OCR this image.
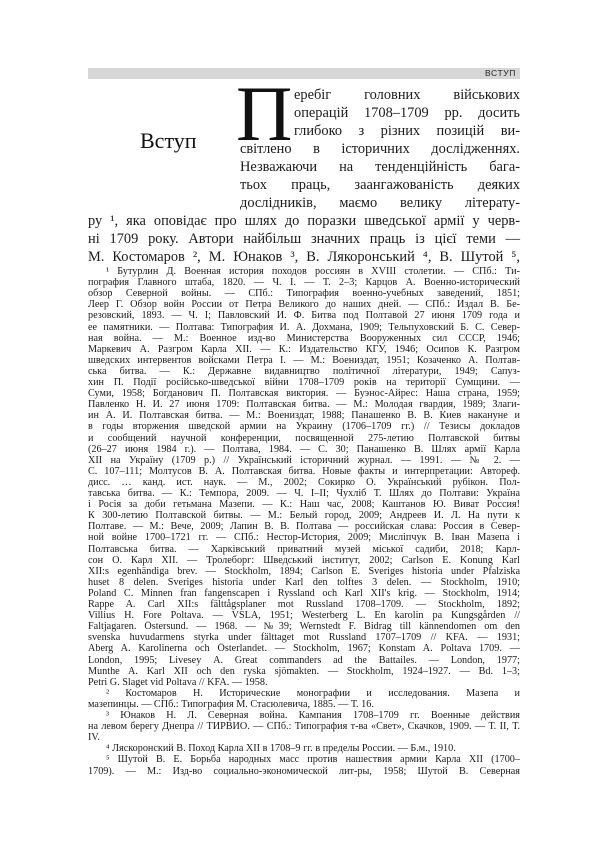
ВСТУП
Вступ П еребіг головних військових
операцій 1708–1709 рр. досить
глибоко з різних позицій ви-
світлено в історичних дослідженнях.
Незважаючи на тенденційність бага-
тьох праць, заангажованість деяких
дослідників, маємо велику літерату-
ру ¹, яка оповідає про шлях до поразки шведської армії у черв-
ні 1709 року. Автори найбільш значних праць із цієї теми —
М. Костомаров ², М. Юнаков ³, В. Лякоронський ⁴, В. Шутой ⁵,
¹ Бутурлин Д. Военная история походов россиян в XVIII столетии. — СПб.: Ти-
пография Главного штаба, 1820. — Ч. I. — Т. 2–3; Карцов А. Военно-исторический
обзор Северной войны. — СПб.: Типография военно-учебных заведений, 1851;
Леер Г. Обзор войн России от Петра Великого до наших дней. — СПб.: Издал В. Бе-
резовский, 1893. — Ч. I; Павловский И. Ф. Битва под Полтавой 27 июня 1709 года и
ее памятники. — Полтава: Типография И. А. Дохмана, 1909; Тельпуховский Б. С. Север-
ная война. — М.: Военное изд-во Министерства Вооруженных сил СССР, 1946;
Маркевич А. Разгром Карла XII. — К.: Издательство КГУ, 1946; Осипов К. Разгром
шведских интервентов войсками Петра I. — М.: Воениздат, 1951; Козаченко А. Полтав-
ська битва. — К.: Державне видавництво політичної літератури, 1949; Сапуз-
хин П. Події російсько-шведської війни 1708–1709 років на території Сумщини. —
Суми, 1958; Богданович П. Полтавская виктория. — Буэнос-Айрес: Наша страна, 1959;
Павленко Н. И. 27 июня 1709: Полтавская битва. — М.: Молодая гвардия, 1989; Злаги-
ин А. И. Полтавская битва. — М.: Воениздат, 1988; Панашенко В. В. Киев накануне и
в годы вторжения шведской армии на Украину (1706–1709 гг.) // Тезисы докладов
и сообщений научной конференции, посвященной 275-летию Полтавской битвы
(26–27 июня 1984 г.). — Полтава, 1984. — С. 30; Панашенко В. Шлях армії Карла
XII на Україну (1709 р.) // Український історичний журнал. — 1991. — № 2. —
С. 107–111; Молтусов В. А. Полтавская битва. Новые факты и интерпретации: Автореф.
дисс. … канд. ист. наук. — М., 2002; Сокирко О. Український рубікон. Пол-
тавська битва. — К.: Темпора, 2009. — Ч. I–II; Чухліб Т. Шлях до Полтави: Україна
і Росія за доби гетьмана Мазепи. — К.: Наш час, 2008; Каштанов Ю. Виват Россия!
К 300-летию Полтавской битвы. — М.: Белый город, 2009; Андреев И. Л. На пути к
Полтаве. — М.: Вече, 2009; Лапин В. В. Полтава — российская слава: Россия в Север-
ной войне 1700–1721 гг. — СПб.: Нестор-История, 2009; Мисліпчук В. Іван Мазепа і
Полтавська битва. — Харківський приватний музей міської садиби, 2018; Карл-
сон О. Карл XII. — Тролеборг: Шведський інститут, 2002; Carlson E. Konung Karl
XII:s egenhändiga brev. — Stockholm, 1894; Carlson E. Sveriges historia under Pfalziska
huset 8 delen. Sveriges historia under Karl den tolftes 3 delen. — Stockholm, 1910;
Poland C. Minnen fran fangenscapen i Ryssland och Karl XII's krig. — Stockholm, 1914;
Rappe A. Carl XII:s fälttågsplaner mot Russland 1708–1709. — Stockholm, 1892;
Villius H. Fore Poltava. — VSLA, 1951; Westerberg L. En karolin pa Kungsgården //
Faltjagaren. Östersund. — 1968. — №39; Wernstedt F. Bidrag till kännendomen om den
svenska huvudarmens styrka under fälttaget mot Russland 1707–1709 // KFA. — 1931;
Aberg A. Karolinerna och Österlandet. — Stockholm, 1967; Konstam A. Poltava 1709. —
London, 1995; Liveseу A. Great commanders ad the Battailes. — London, 1977;
Munthe A. Karl XII och den ryska sjömakten. — Stockholm, 1924–1927. — Bd. 1–3;
Petri G. Slaget vid Poltava // KFA. — 1958.
² Костомаров Н. Исторические монографии и исследования. Мазепа и
мазепинцы. — СПб.: Типография М. Стасюлевича, 1885. — Т. 16.
³ Юнаков Н. Л. Северная война. Кампания 1708–1709 гг. Военные действия
на левом берегу Днепра // ТИРВИО. — СПб.: Типография т-ва «Свет», Скачков, 1909. — Т. II, Т. IV.
⁴ Ляскоронский В. Поход Карла XII в 1708–9 гг. в пределы России. — Б.м., 1910.
⁵ Шутой В. Е. Борьба народных масс против нашествия армии Карла XII (1700–
1709). — М.: Изд-во социально-экономической лит-ры, 1958; Шутой В. Северная
